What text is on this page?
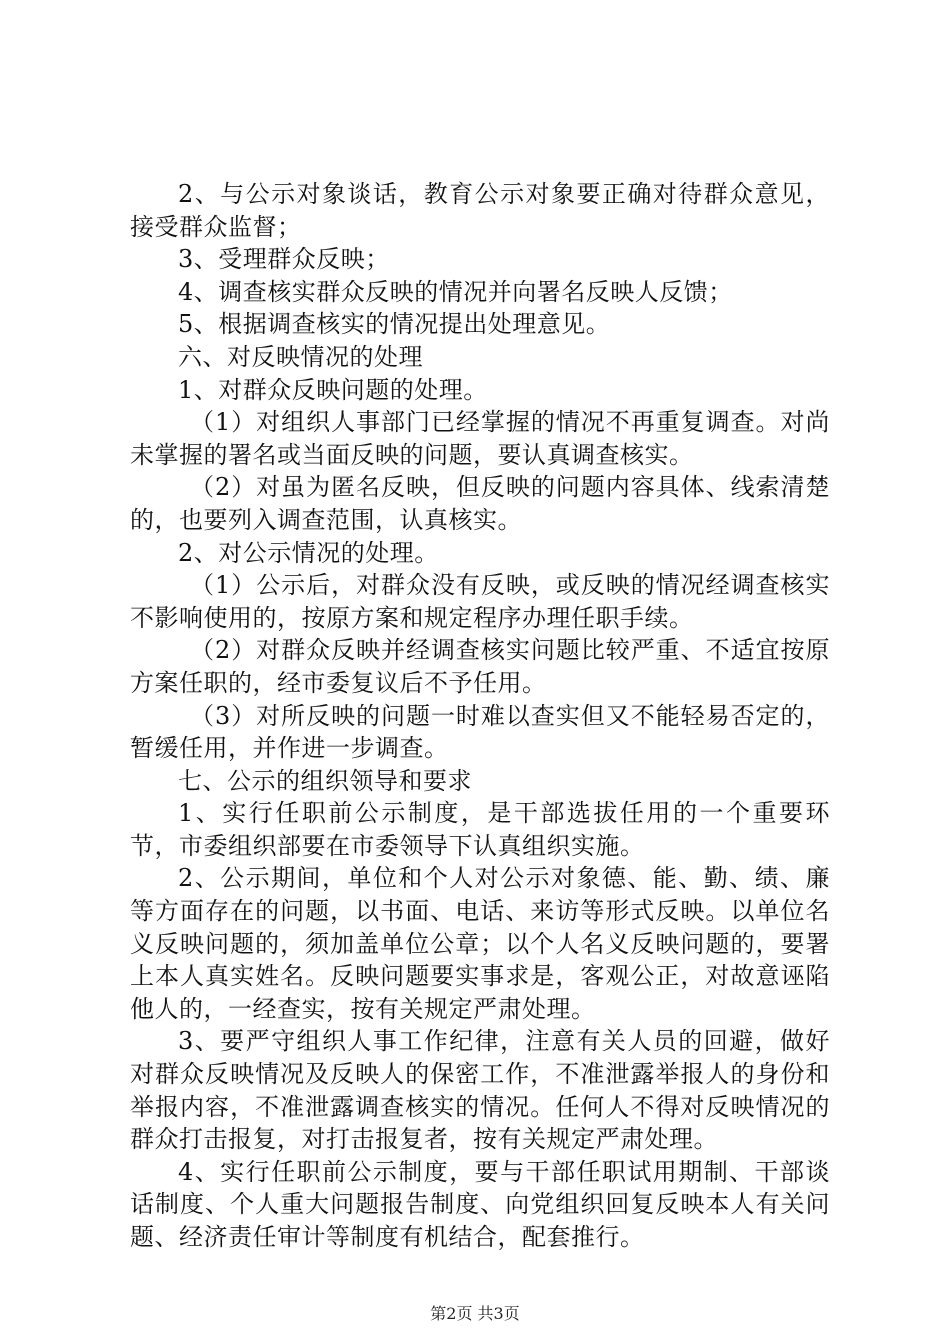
2、与公示对象谈话，教育公示对象要正确对待群众意见，接受群众监督；

3、受理群众反映；

4、调查核实群众反映的情况并向署名反映人反馈；

5、根据调查核实的情况提出处理意见。

六、对反映情况的处理

1、对群众反映问题的处理。

（1）对组织人事部门已经掌握的情况不再重复调查。对尚未掌握的署名或当面反映的问题，要认真调查核实。

（2）对虽为匿名反映，但反映的问题内容具体、线索清楚的，也要列入调查范围，认真核实。

2、对公示情况的处理。

（1）公示后，对群众没有反映，或反映的情况经调查核实不影响使用的，按原方案和规定程序办理任职手续。

（2）对群众反映并经调查核实问题比较严重、不适宜按原方案任职的，经市委复议后不予任用。

（3）对所反映的问题一时难以查实但又不能轻易否定的，暂缓任用，并作进一步调查。

七、公示的组织领导和要求

1、实行任职前公示制度，是干部选拔任用的一个重要环节，市委组织部要在市委领导下认真组织实施。

2、公示期间，单位和个人对公示对象德、能、勤、绩、廉等方面存在的问题，以书面、电话、来访等形式反映。以单位名义反映问题的，须加盖单位公章；以个人名义反映问题的，要署上本人真实姓名。反映问题要实事求是，客观公正，对故意诬陷他人的，一经查实，按有关规定严肃处理。

3、要严守组织人事工作纪律，注意有关人员的回避，做好对群众反映情况及反映人的保密工作，不准泄露举报人的身份和举报内容，不准泄露调查核实的情况。任何人不得对反映情况的群众打击报复，对打击报复者，按有关规定严肃处理。

4、实行任职前公示制度，要与干部任职试用期制、干部谈话制度、个人重大问题报告制度、向党组织回复反映本人有关问题、经济责任审计等制度有机结合，配套推行。

第2页 共3页
